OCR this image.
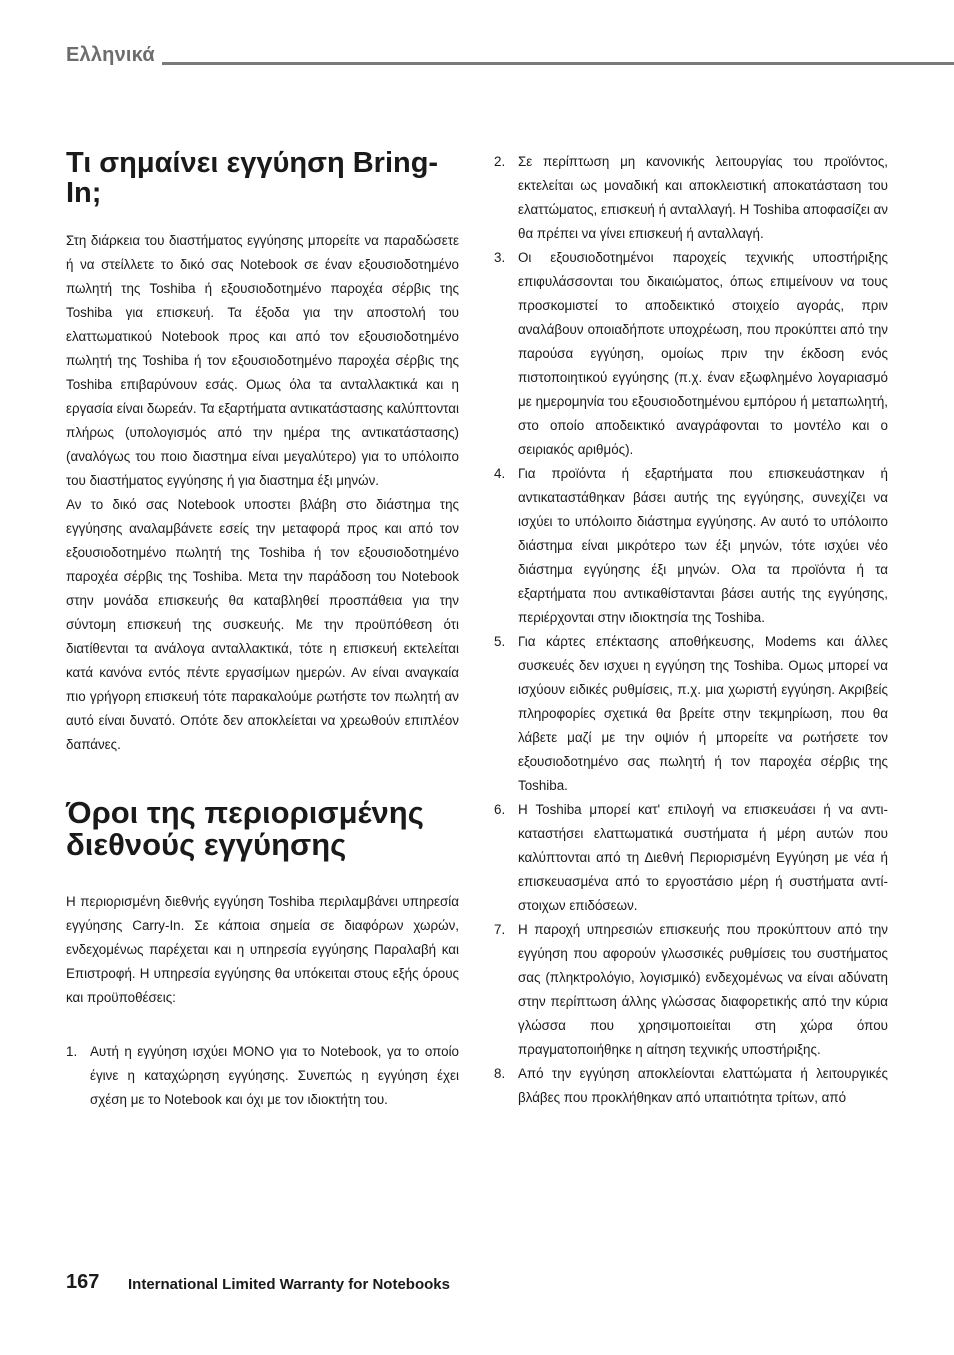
Ελληνικά
Τι σημαίνει εγγύηση Bring-In;

Στη διάρκεια του διαστήματος εγγύησης μπορείτε να παραδώσετε ή να στείλλετε το δικό σας Notebook σε έναν εξουσιοδοτημένο πωλητή της Toshiba ή εξουσιοδοτημένο παροχέα σέρβις της Toshiba για επισκευή. Τα έξοδα για την αποστολή του ελαττωματικού Notebook προς και από τον εξουσιοδοτημένο πωλητή της Toshiba ή τον εξουσιοδοτημένο παροχέα σέρβις της Toshiba επιβαρύνουν εσάς. Ομως όλα τα ανταλλακτικά και η εργασία είναι δωρεάν. Τα εξαρτήματα αντικατάστασης καλύπτονται πλήρως (υπολογισμός από την ημέρα της αντικατάστασης) (αναλόγως του ποιο διαστημα είναι μεγαλύτερο) για το υπόλοιπο του διαστήματος εγγύησης ή για διαστημα έξι μηνών.

Αν το δικό σας Notebook υποστει βλάβη στο διάστημα της εγγύησης αναλαμβάνετε εσείς την μεταφορά προς και από τον εξουσιοδοτημένο πωλητή της Toshiba ή τον εξουσιοδοτημένο παροχέα σέρβις της Toshiba. Μετα την παράδοση του Notebook στην μονάδα επισκευής θα καταβληθεί προσπάθεια για την σύντομη επισκευή της συσκευής. Με την προϋπόθεση ότι διατίθενται τα ανάλογα ανταλλακτικά, τότε η επισκευή εκτελείται κατά κανόνα εντός πέντε εργασίμων ημερών. Αν είναι αναγκαία πιο γρήγορη επισκευή τότε παρακαλούμε ρωτήστε τον πωλητή αν αυτό είναι δυνατό. Οπότε δεν αποκλείεται να χρεωθούν επιπλέον δαπάνες.

Όροι της περιορισμένης
διεθνούς εγγύησης

Η περιορισμένη διεθνής εγγύηση Toshiba περιλαμβάνει υπηρεσία εγγύησης Carry-In. Σε κάποια σημεία σε διαφόρων χωρών, ενδεχομένως παρέχεται και η υπηρεσία εγγύησης Παραλαβή και Επιστροφή. Η υπηρεσία εγγύησης θα υπόκειται στους εξής όρους και προϋποθέσεις:

1. Αυτή η εγγύηση ισχύει ΜΟΝΟ για το Notebook, γα το οποίο έγινε η καταχώρηση εγγύησης. Συνεπώς η εγγύηση έχει σχέση με το Notebook και όχι με τον ιδιοκτήτη του.
2. Σε περίπτωση μη κανονικής λειτουργίας του προϊόντος, εκτελείται ως μοναδική και αποκλειστική αποκατάσταση του ελαττώματος, επισκευή ή ανταλλαγή. Η Toshiba αποφασίζει αν θα πρέπει να γίνει επισκευή ή ανταλλαγή.
3. Οι εξουσιοδοτημένοι παροχείς τεχνικής υποστήριξης επιφυλάσσονται του δικαιώματος, όπως επιμείνουν να τους προσκομιστεί το αποδεικτικό στοιχείο αγοράς, πριν αναλάβουν οποιαδήποτε υποχρέωση, που προκύπτει από την παρούσα εγγύηση, ομοίως πριν την έκδοση ενός πιστοποιητικού εγγύησης (π.χ. έναν εξωφλημένο λογαριασμό με ημερομηνία του εξουσιοδοτημένου εμπόρου ή μεταπωλητή, στο οποίο αποδεικτικό αναγράφονται το μοντέλο και ο σειριακός αριθμός).
4. Για προϊόντα ή εξαρτήματα που επισκευάστηκαν ή αντικαταστάθηκαν βάσει αυτής της εγγύησης, συνεχίζει να ισχύει το υπόλοιπο διάστημα εγγύησης. Αν αυτό το υπόλοιπο διάστημα είναι μικρότερο των έξι μηνών, τότε ισχύει νέο διάστημα εγγύησης έξι μηνών. Ολα τα προϊόντα ή τα εξαρτήματα που αντικαθίστανται βάσει αυτής της εγγύησης, περιέρχονται στην ιδιοκτησία της Toshiba.
5. Για κάρτες επέκτασης αποθήκευσης, Modems και άλλες συσκευές δεν ισχυει η εγγύηση της Toshiba. Ομως μπορεί να ισχύουν ειδικές ρυθμίσεις, π.χ. μια χωριστή εγγύηση. Ακριβείς πληροφορίες σχετικά θα βρείτε στην τεκμηρίωση, που θα λάβετε μαζί με την οψιόν ή μπορείτε να ρωτήσετε τον εξουσιοδοτημένο σας πωλητή ή τον παροχέα σέρβις της Toshiba.
6. Η Toshiba μπορεί κατ' επιλογή να επισκευάσει ή να αντι-καταστήσει ελαττωματικά συστήματα ή μέρη αυτών που καλύπτονται από τη Διεθνή Περιορισμένη Εγγύηση με νέα ή επισκευασμένα από το εργοστάσιο μέρη ή συστήματα αντί-στοιχων επιδόσεων.
7. Η παροχή υπηρεσιών επισκευής που προκύπτουν από την εγγύηση που αφορούν γλωσσικές ρυθμίσεις του συστήματος σας (πληκτρολόγιο, λογισμικό) ενδεχομένως να είναι αδύνατη στην περίπτωση άλλης γλώσσας διαφορετικής από την κύρια γλώσσα που χρησιμοποιείται στη χώρα όπου πραγματοποιήθηκε η αίτηση τεχνικής υποστήριξης.
8. Από την εγγύηση αποκλείονται ελαττώματα ή λειτουργικές βλάβες που προκλήθηκαν από υπαιτιότητα τρίτων, από
167 International Limited Warranty for Notebooks
